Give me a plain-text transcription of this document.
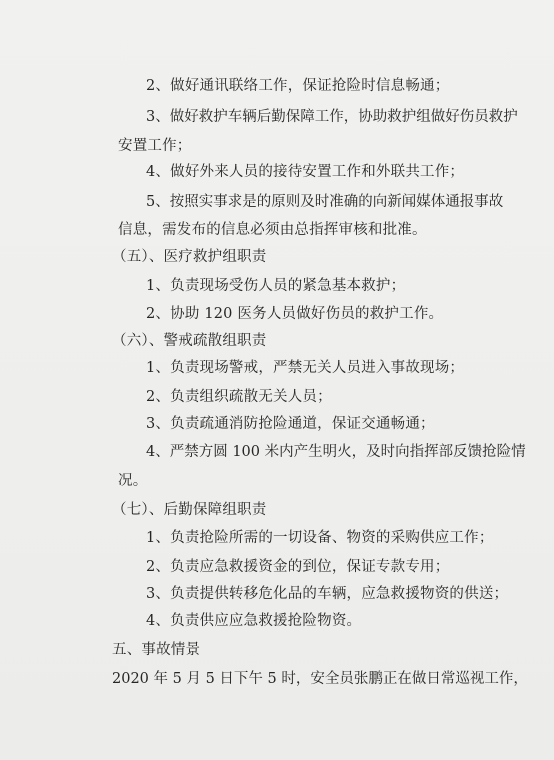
2、做好通讯联络工作，保证抢险时信息畅通；
3、做好救护车辆后勤保障工作，协助救护组做好伤员救护
安置工作；
4、做好外来人员的接待安置工作和外联共工作；
5、按照实事求是的原则及时准确的向新闻媒体通报事故
信息，需发布的信息必须由总指挥审核和批准。
（五）、医疗救护组职责
1、负责现场受伤人员的紧急基本救护；
2、协助 120 医务人员做好伤员的救护工作。
（六）、警戒疏散组职责
1、负责现场警戒，严禁无关人员进入事故现场；
2、负责组织疏散无关人员；
3、负责疏通消防抢险通道，保证交通畅通；
4、严禁方圆 100 米内产生明火，及时向指挥部反馈抢险情
况。
（七）、后勤保障组职责
1、负责抢险所需的一切设备、物资的采购供应工作；
2、负责应急救援资金的到位，保证专款专用；
3、负责提供转移危化品的车辆，应急救援物资的供送；
4、负责供应应急救援抢险物资。
五、事故情景
2020 年 5 月 5 日下午 5 时，安全员张鹏正在做日常巡视工作，
